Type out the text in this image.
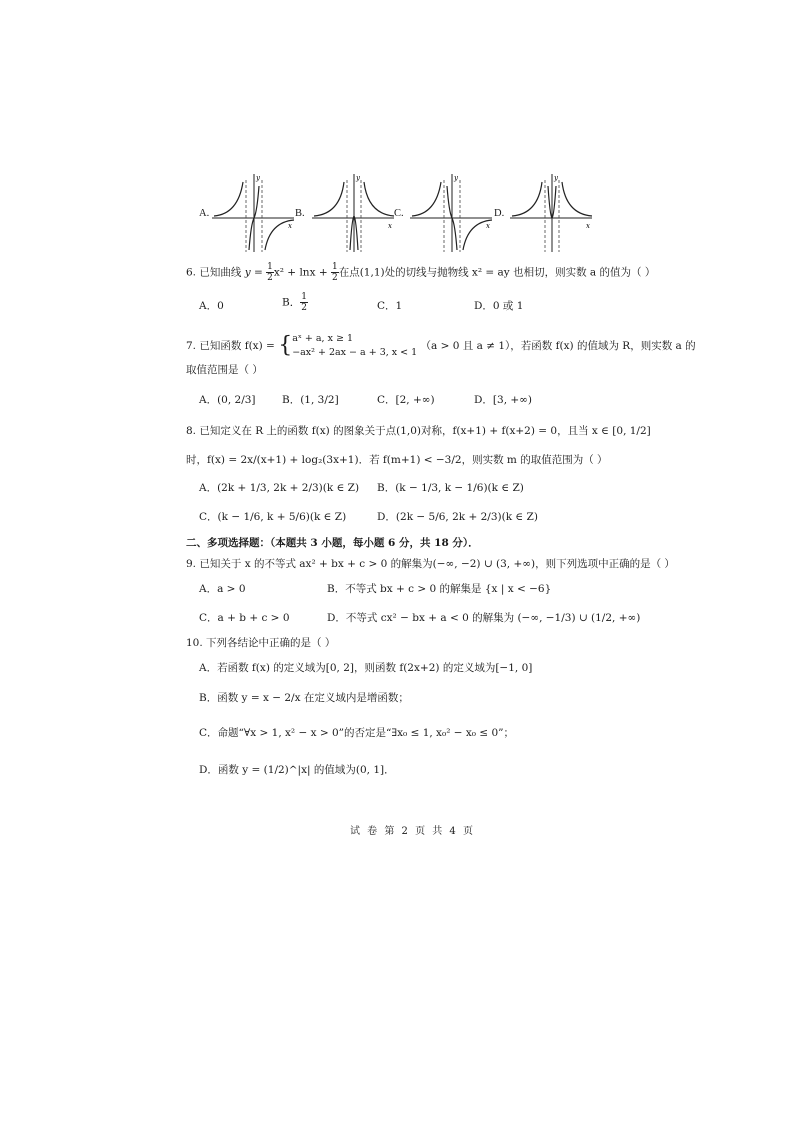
A.	B.	C.	D.
y
x
y
x
y
x
y
x
6. 已知曲线 $y = \frac{1}{2} x^2 + \ln x + \frac{1}{2}$ 在点(1,1)处的切线与抛物线 x² = ay 也相切，则实数 a 的值为（ ）
A．0	B． $\frac{1}{2}$	C．1	D．0 或 1
7. 已知函数 f(x) = { aˣ + a, x ≥ 1
−ax² + 2ax − a + 3, x < 1
（a > 0 且 a ≠ 1），若函数 f(x) 的值域为 R，则实数 a 的
取值范围是（ ）
A．(0, 2/3]	B．(1, 3/2]	C．[2, +∞)	D．[3, +∞)
8. 已知定义在 R 上的函数 f(x) 的图象关于点(1,0)对称，f(x+1) + f(x+2) = 0，且当 x ∈ [0, 1/2]
时，f(x) = 2x/(x+1) + log₂(3x+1)．若 f(m+1) < −3/2，则实数 m 的取值范围为（ ）
A．(2k + 1/3, 2k + 2/3)(k ∈ Z) B．(k − 1/3, k − 1/6)(k ∈ Z)
C．(k − 1/6, k + 5/6)(k ∈ Z)	D．(2k − 5/6, 2k + 2/3)(k ∈ Z)
二、多项选择题：（本题共 3 小题，每小题 6 分，共 18 分）．
9. 已知关于 x 的不等式 ax² + bx + c > 0 的解集为(−∞, −2) ∪ (3, +∞)，则下列选项中正确的是（ ）
A．a > 0	B．不等式 bx + c > 0 的解集是 {x | x < −6}
C．a + b + c > 0	D．不等式 cx² − bx + a < 0 的解集为 (−∞, −1/3) ∪ (1/2, +∞)
10. 下列各结论中正确的是（ ）
A．若函数 f(x) 的定义域为[0, 2]，则函数 f(2x+2) 的定义域为[−1, 0]
B．函数 y = x − 2/x 在定义域内是增函数；
C．命题“∀x > 1, x² − x > 0”的否定是“∃x₀ ≤ 1, x₀² − x₀ ≤ 0”；
D．函数 y = (1/2)^|x| 的值域为(0, 1]．
试 卷 第 2 页 共 4 页
